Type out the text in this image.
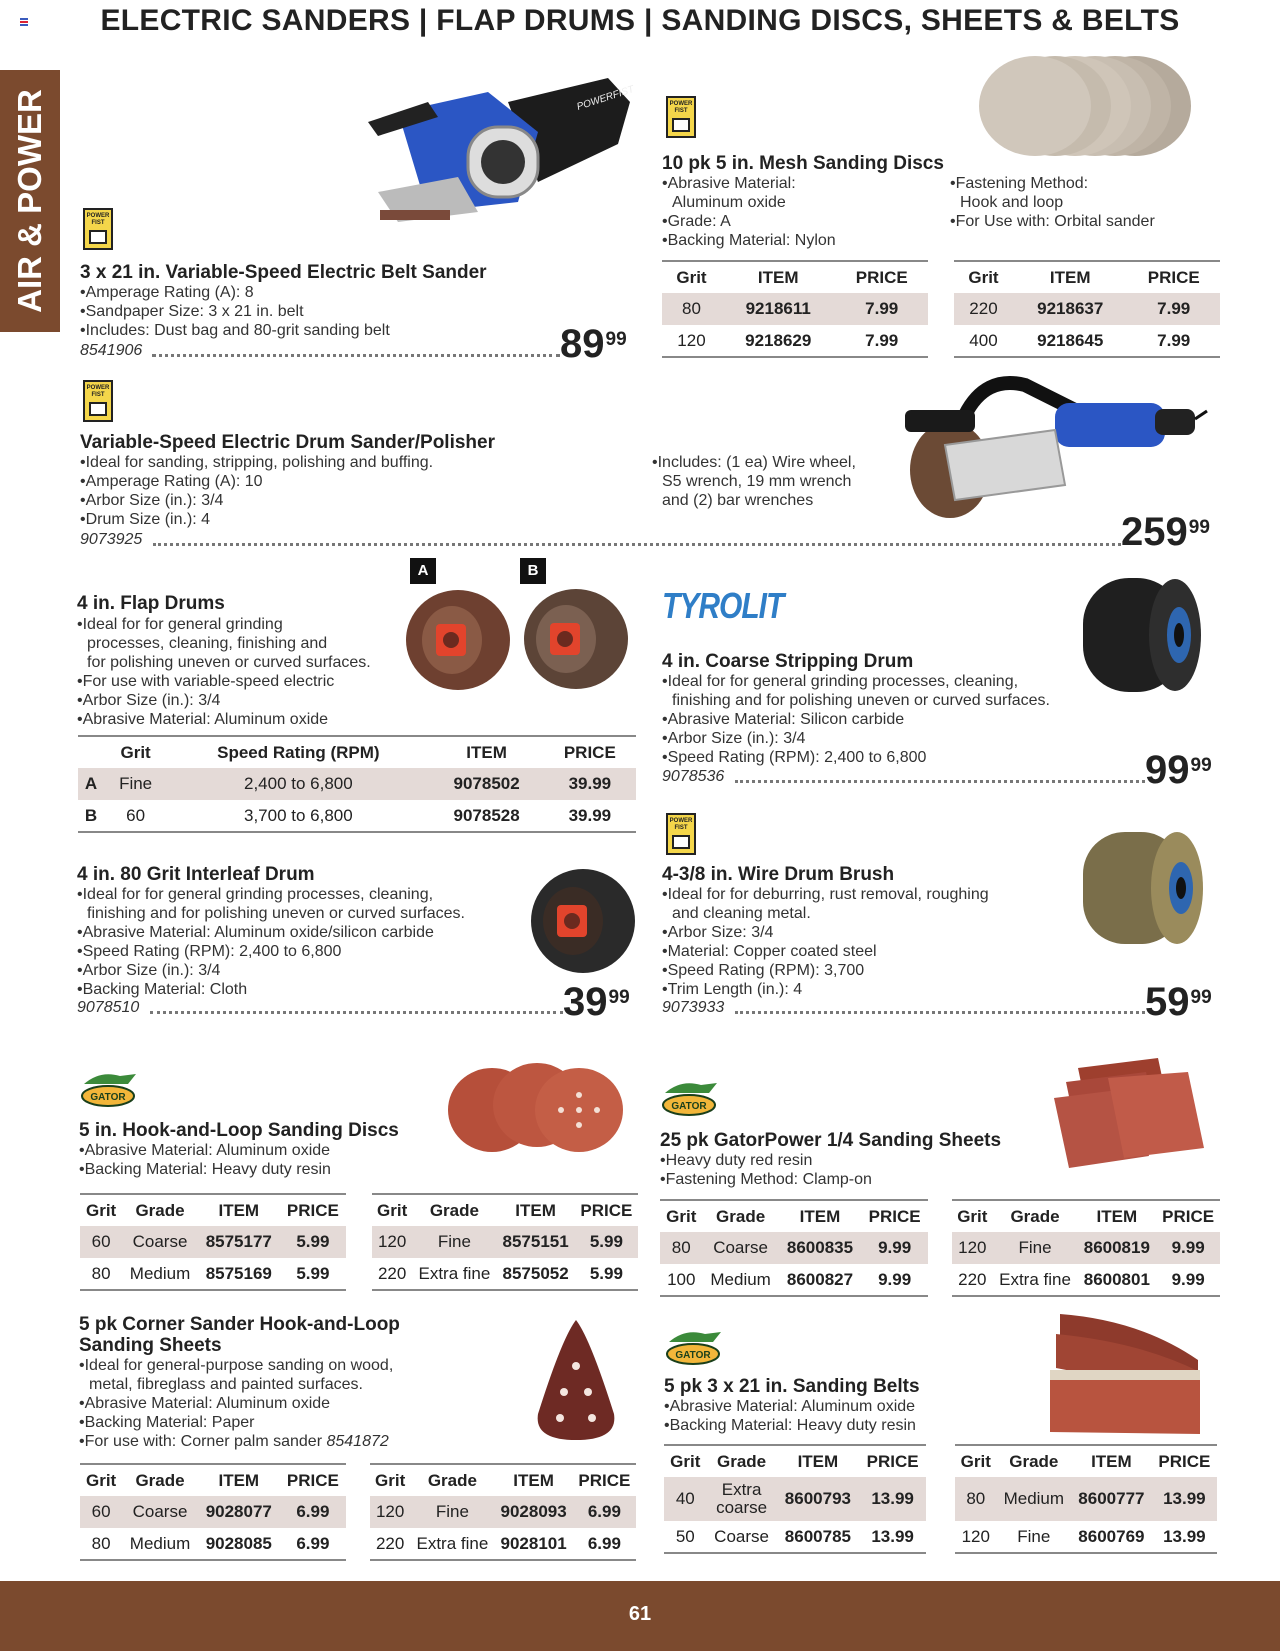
ELECTRIC SANDERS | FLAP DRUMS | SANDING DISCS, SHEETS & BELTS
AIR & POWER	POWERFIST
POWER FIST
3 x 21 in. Variable-Speed Electric Belt Sander
•Amperage Rating (A): 8
•Sandpaper Size: 3 x 21 in. belt
•Includes: Dust bag and 80-grit sanding belt
8541906	$89^{99}$
POWER FIST
10 pk 5 in. Mesh Sanding Discs
•Abrasive Material:
Aluminum oxide
•Grade: A
•Backing Material: Nylon
•Fastening Method:
Hook and loop
•For Use with: Orbital sander
Grit	ITEM	PRICE
80	9218611	7.99
120	9218629	7.99
Grit	ITEM	PRICE
220	9218637	7.99
400	9218645	7.99
POWER FIST
Variable-Speed Electric Drum Sander/Polisher
•Ideal for sanding, stripping, polishing and buffing.
•Amperage Rating (A): 10
•Arbor Size (in.): 3/4
•Drum Size (in.): 4
•Includes: (1 ea) Wire wheel,
S5 wrench, 19 mm wrench
and (2) bar wrenches
9073925	$259^{99}$
A	B
4 in. Flap Drums
•Ideal for for general grinding
processes, cleaning, finishing and
for polishing uneven or curved surfaces.
•For use with variable-speed electric
•Arbor Size (in.): 3/4
•Abrasive Material: Aluminum oxide
	Grit	Speed Rating (RPM)	ITEM	PRICE
A	Fine	2,400 to 6,800	9078502	39.99
B	60	3,700 to 6,800	9078528	39.99
TYROLIT
4 in. Coarse Stripping Drum
•Ideal for for general grinding processes, cleaning,
finishing and for polishing uneven or curved surfaces.
•Abrasive Material: Silicon carbide
•Arbor Size (in.): 3/4
•Speed Rating (RPM): 2,400 to 6,800
9078536	$99^{99}$
4 in. 80 Grit Interleaf Drum
•Ideal for for general grinding processes, cleaning,
finishing and for polishing uneven or curved surfaces.
•Abrasive Material: Aluminum oxide/silicon carbide
•Speed Rating (RPM): 2,400 to 6,800
•Arbor Size (in.): 3/4
•Backing Material: Cloth
9078510	$39^{99}$
POWER FIST
4-3/8 in. Wire Drum Brush
•Ideal for for deburring, rust removal, roughing
and cleaning metal.
•Arbor Size: 3/4
•Material: Copper coated steel
•Speed Rating (RPM): 3,700
•Trim Length (in.): 4
9073933	$59^{99}$
GATOR
5 in. Hook-and-Loop Sanding Discs
•Abrasive Material: Aluminum oxide
•Backing Material: Heavy duty resin
Grit	Grade	ITEM	PRICE
60	Coarse	8575177	5.99
80	Medium	8575169	5.99
Grit	Grade	ITEM	PRICE
120	Fine	8575151	5.99
220	Extra fine	8575052	5.99
GATOR
25 pk GatorPower 1/4 Sanding Sheets
•Heavy duty red resin
•Fastening Method: Clamp-on
Grit	Grade	ITEM	PRICE
80	Coarse	8600835	9.99
100	Medium	8600827	9.99
Grit	Grade	ITEM	PRICE
120	Fine	8600819	9.99
220	Extra fine	8600801	9.99
5 pk Corner Sander Hook-and-Loop
Sanding Sheets
•Ideal for general-purpose sanding on wood,
metal, fibreglass and painted surfaces.
•Abrasive Material: Aluminum oxide
•Backing Material: Paper
•For use with: Corner palm sander 8541872
Grit	Grade	ITEM	PRICE
60	Coarse	9028077	6.99
80	Medium	9028085	6.99
Grit	Grade	ITEM	PRICE
120	Fine	9028093	6.99
220	Extra fine	9028101	6.99
GATOR
5 pk 3 x 21 in. Sanding Belts
•Abrasive Material: Aluminum oxide
•Backing Material: Heavy duty resin
Grit	Grade	ITEM	PRICE
40	Extra coarse	8600793	13.99
50	Coarse	8600785	13.99
Grit	Grade	ITEM	PRICE
80	Medium	8600777	13.99
120	Fine	8600769	13.99
61
